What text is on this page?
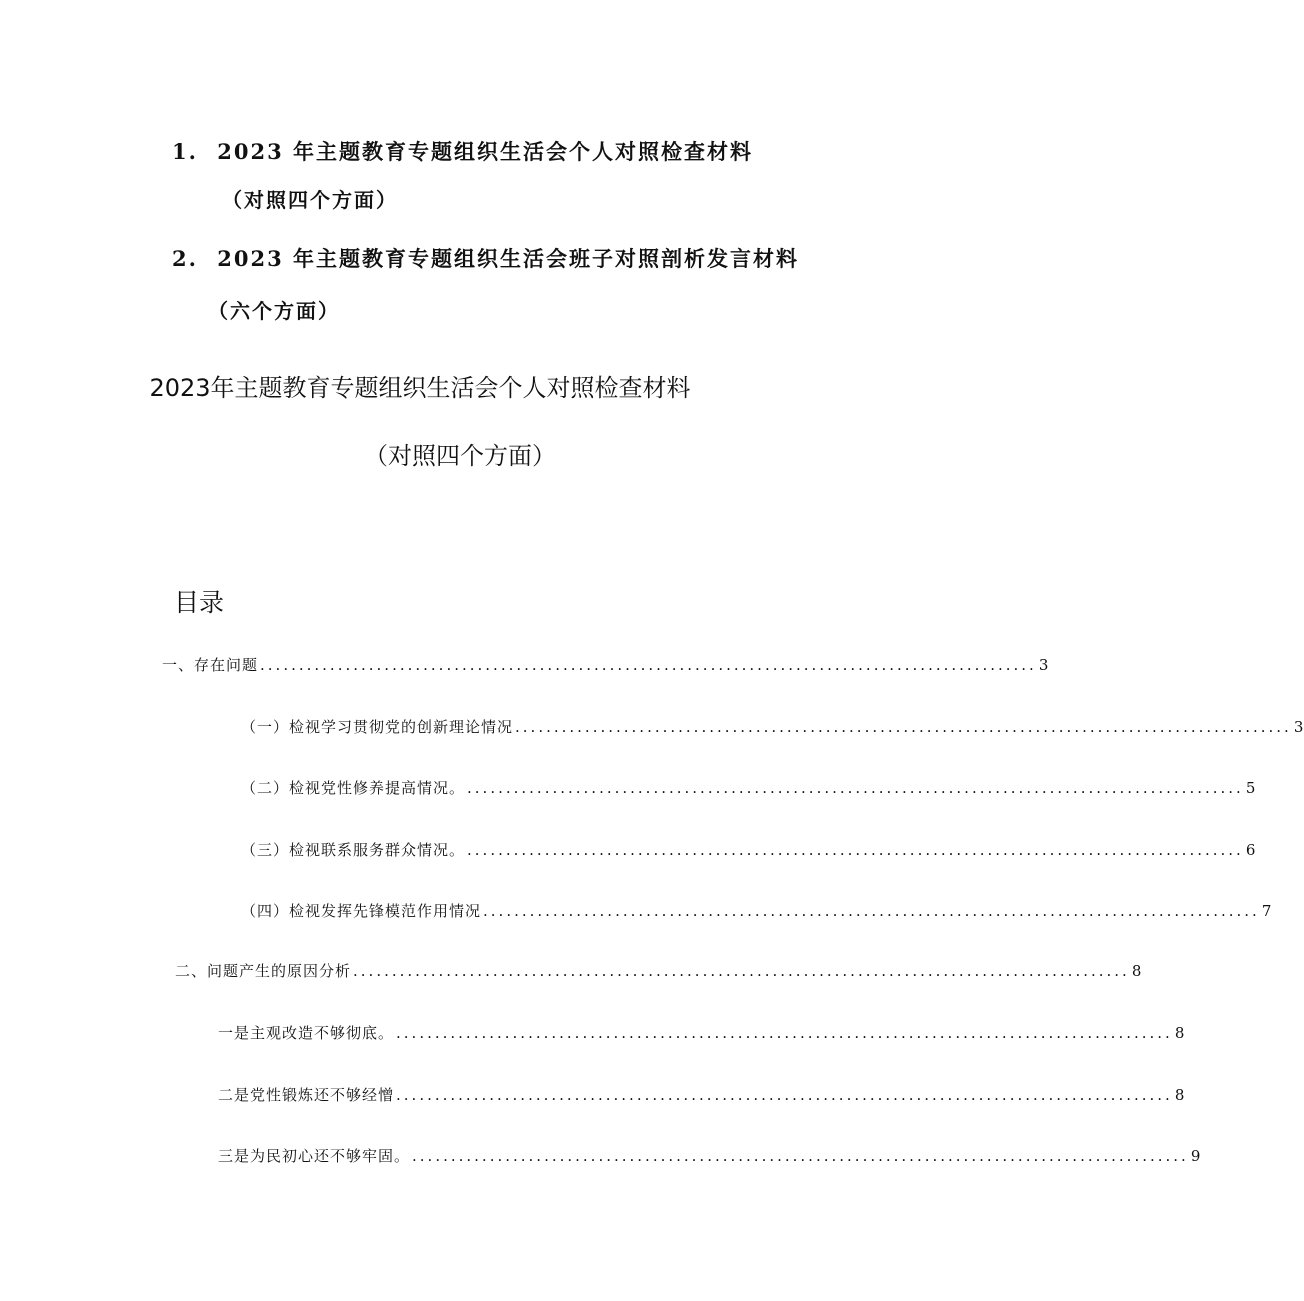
1. 2023 年主题教育专题组织生活会个人对照检查材料
（对照四个方面）
2. 2023 年主题教育专题组织生活会班子对照剖析发言材料
（六个方面）
2023年主题教育专题组织生活会个人对照检查材料
（对照四个方面）
目录
一、存在问题 .................................................................................................... 3
（一）检视学习贯彻党的创新理论情况 .................................................................................................... 3
（二）检视党性修养提高情况。 .................................................................................................... 5
（三）检视联系服务群众情况。 .................................................................................................... 6
（四）检视发挥先锋模范作用情况 .................................................................................................... 7
二、问题产生的原因分析 .................................................................................................... 8
一是主观改造不够彻底。 .................................................................................................... 8
二是党性锻炼还不够经憎 .................................................................................................... 8
三是为民初心还不够牢固。 .................................................................................................... 9
